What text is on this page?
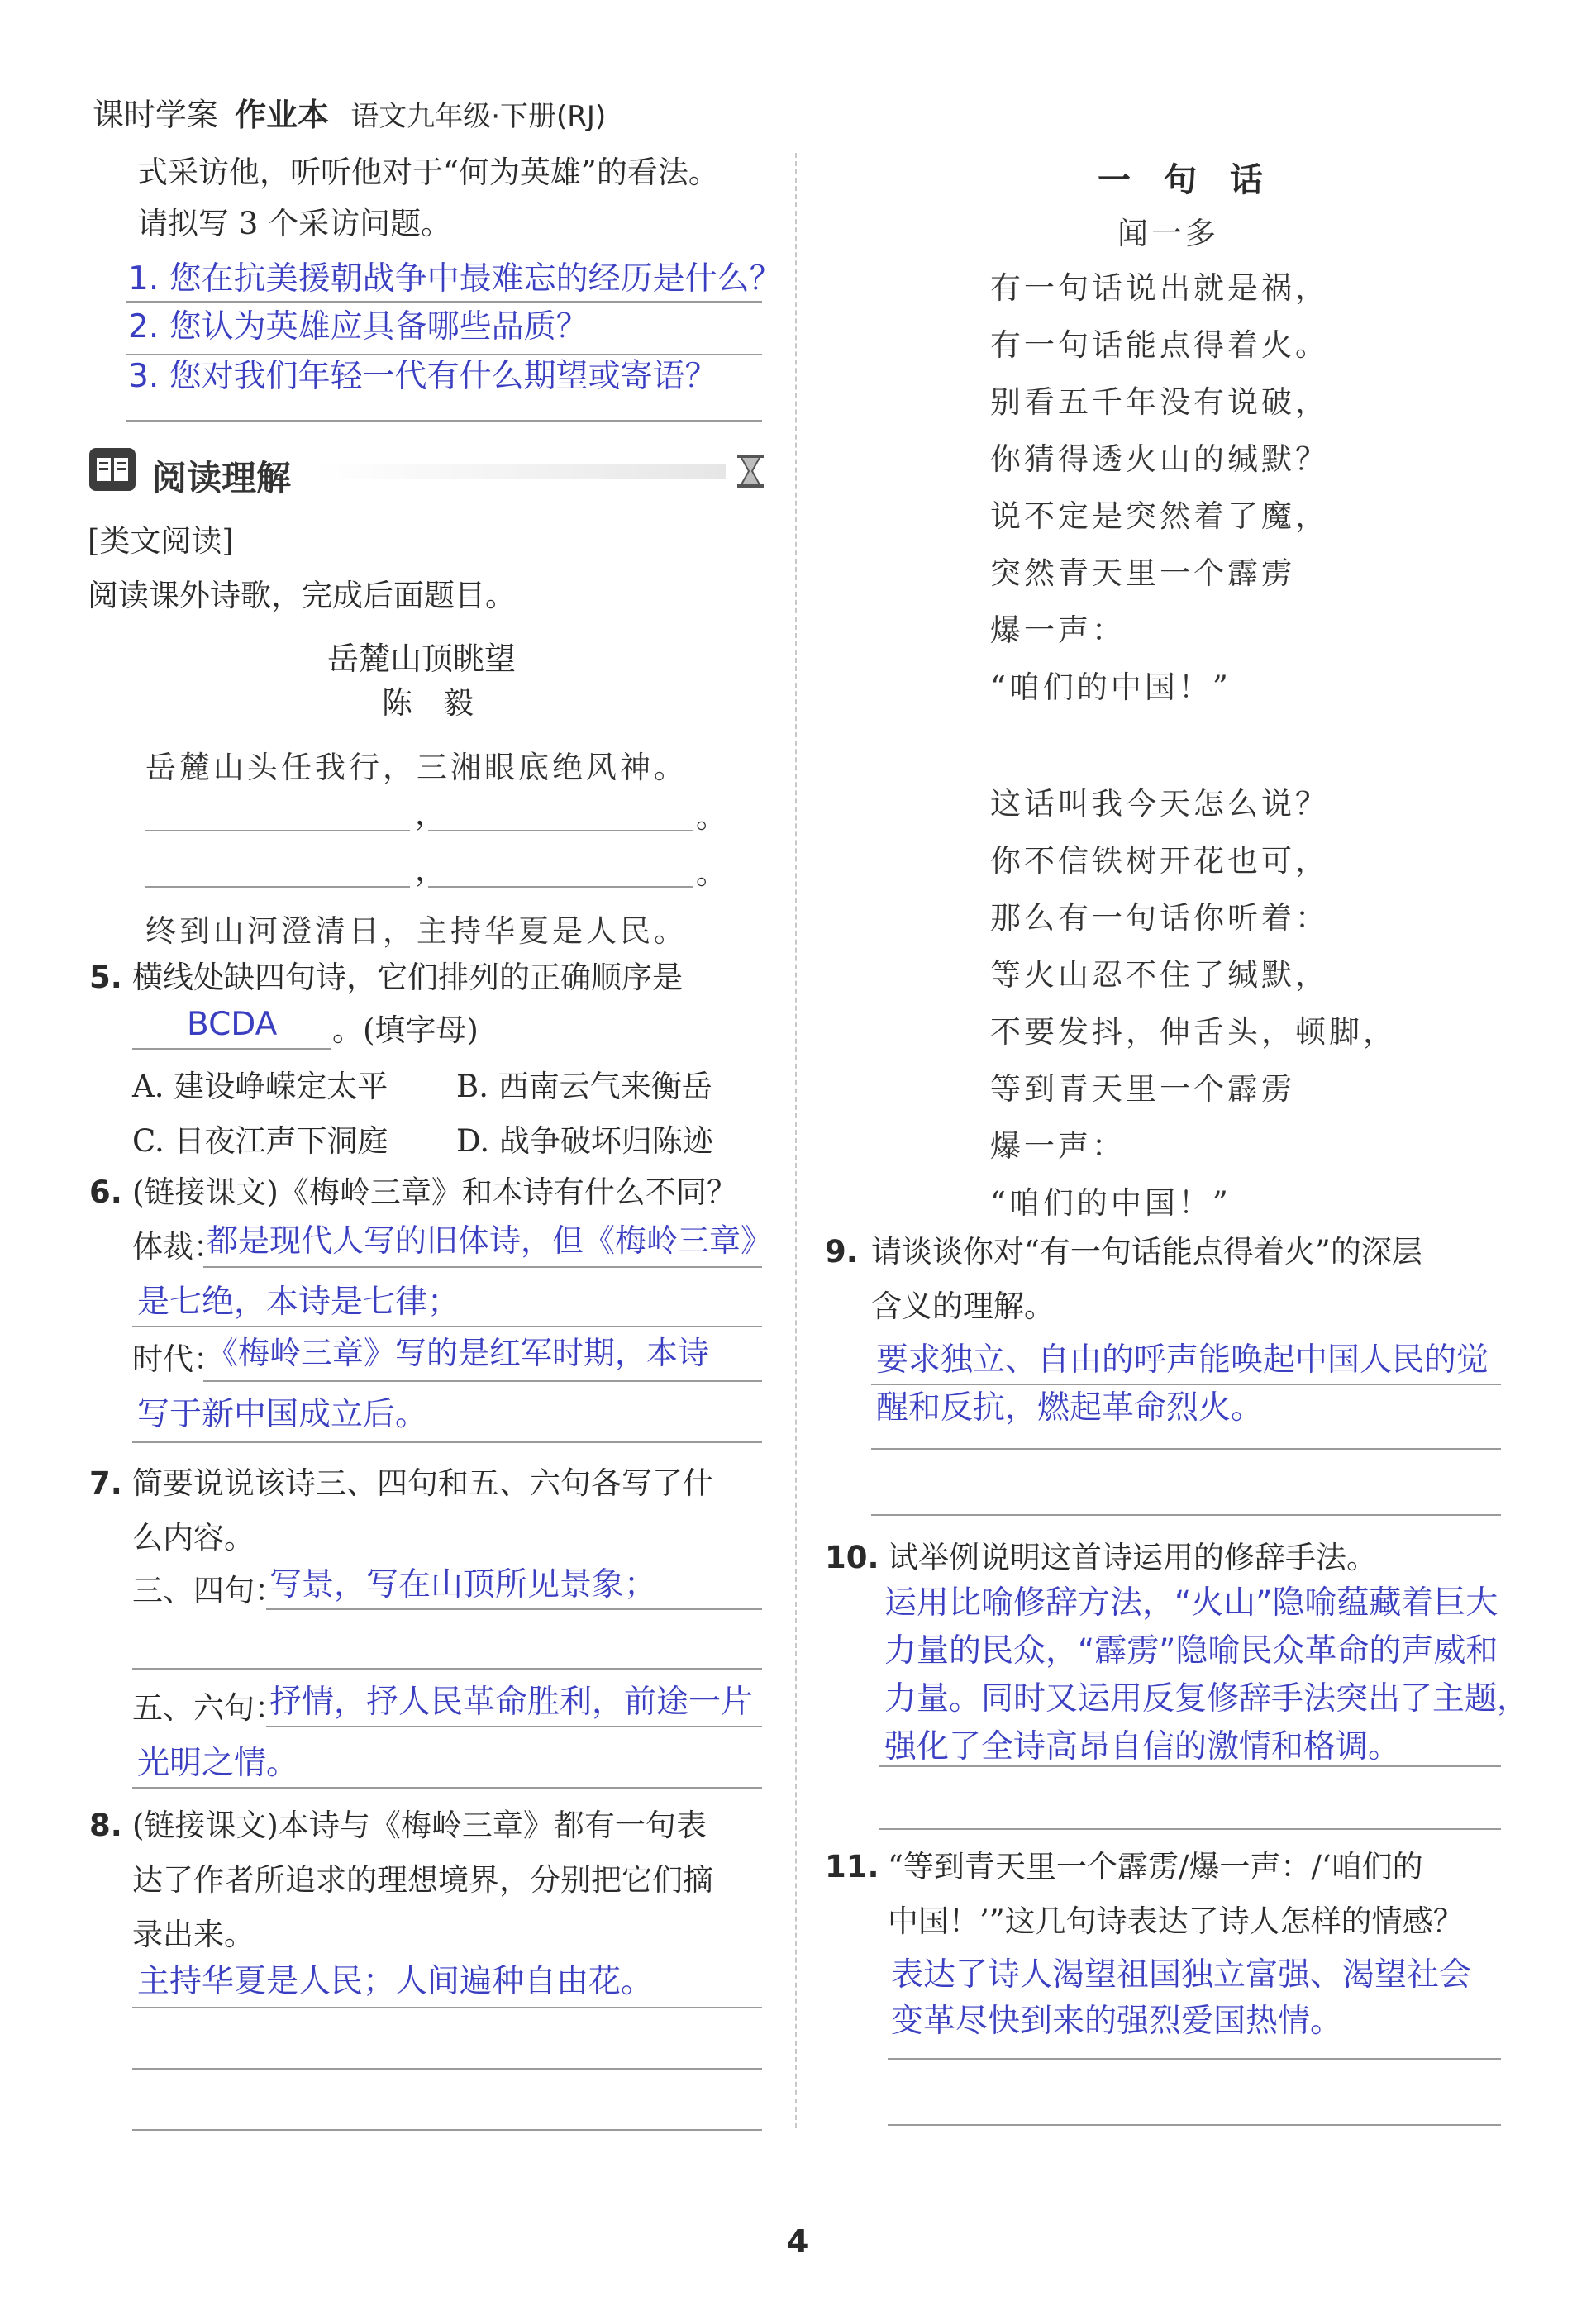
课时学案 作业本 语文九年级·下册(RJ)
式采访他，听听他对于“何为英雄”的看法。
请拟写 3 个采访问题。
1. 您在抗美援朝战争中最难忘的经历是什么？
2. 您认为英雄应具备哪些品质？
3. 您对我们年轻一代有什么期望或寄语？
阅读理解
[类文阅读]
阅读课外诗歌，完成后面题目。
岳麓山顶眺望
陈　毅
岳麓山头任我行，三湘眼底绝风神。
，	。
，	。
终到山河澄清日，主持华夏是人民。
5. 横线处缺四句诗，它们排列的正确顺序是
BCDA 。(填字母)
A. 建设峥嵘定太平 B. 西南云气来衡岳
C. 日夜江声下洞庭 D. 战争破坏归陈迹
6. (链接课文)《梅岭三章》和本诗有什么不同？
体裁：
都是现代人写的旧体诗，但《梅岭三章》
是七绝，本诗是七律；
时代：
《梅岭三章》写的是红军时期，本诗
写于新中国成立后。
7. 简要说说该诗三、四句和五、六句各写了什
么内容。
三、四句：
写景，写在山顶所见景象；
五、六句：
抒情，抒人民革命胜利，前途一片
光明之情。
8. (链接课文)本诗与《梅岭三章》都有一句表
达了作者所追求的理想境界，分别把它们摘
录出来。
主持华夏是人民；人间遍种自由花。
一　句　话
闻一多
有一句话说出就是祸，
有一句话能点得着火。
别看五千年没有说破，
你猜得透火山的缄默？
说不定是突然着了魔，
突然青天里一个霹雳
爆一声：
“咱们的中国！”
这话叫我今天怎么说？
你不信铁树开花也可，
那么有一句话你听着：
等火山忍不住了缄默，
不要发抖，伸舌头，顿脚，
等到青天里一个霹雳
爆一声：
“咱们的中国！”
9. 请谈谈你对“有一句话能点得着火”的深层
含义的理解。
要求独立、自由的呼声能唤起中国人民的觉
醒和反抗，燃起革命烈火。
10. 试举例说明这首诗运用的修辞手法。
运用比喻修辞方法，“火山”隐喻蕴藏着巨大
力量的民众，“霹雳”隐喻民众革命的声威和
力量。同时又运用反复修辞手法突出了主题，
强化了全诗高昂自信的激情和格调。
11. “等到青天里一个霹雳/爆一声：/‘咱们的
中国！’”这几句诗表达了诗人怎样的情感？
表达了诗人渴望祖国独立富强、渴望社会
变革尽快到来的强烈爱国热情。
4
